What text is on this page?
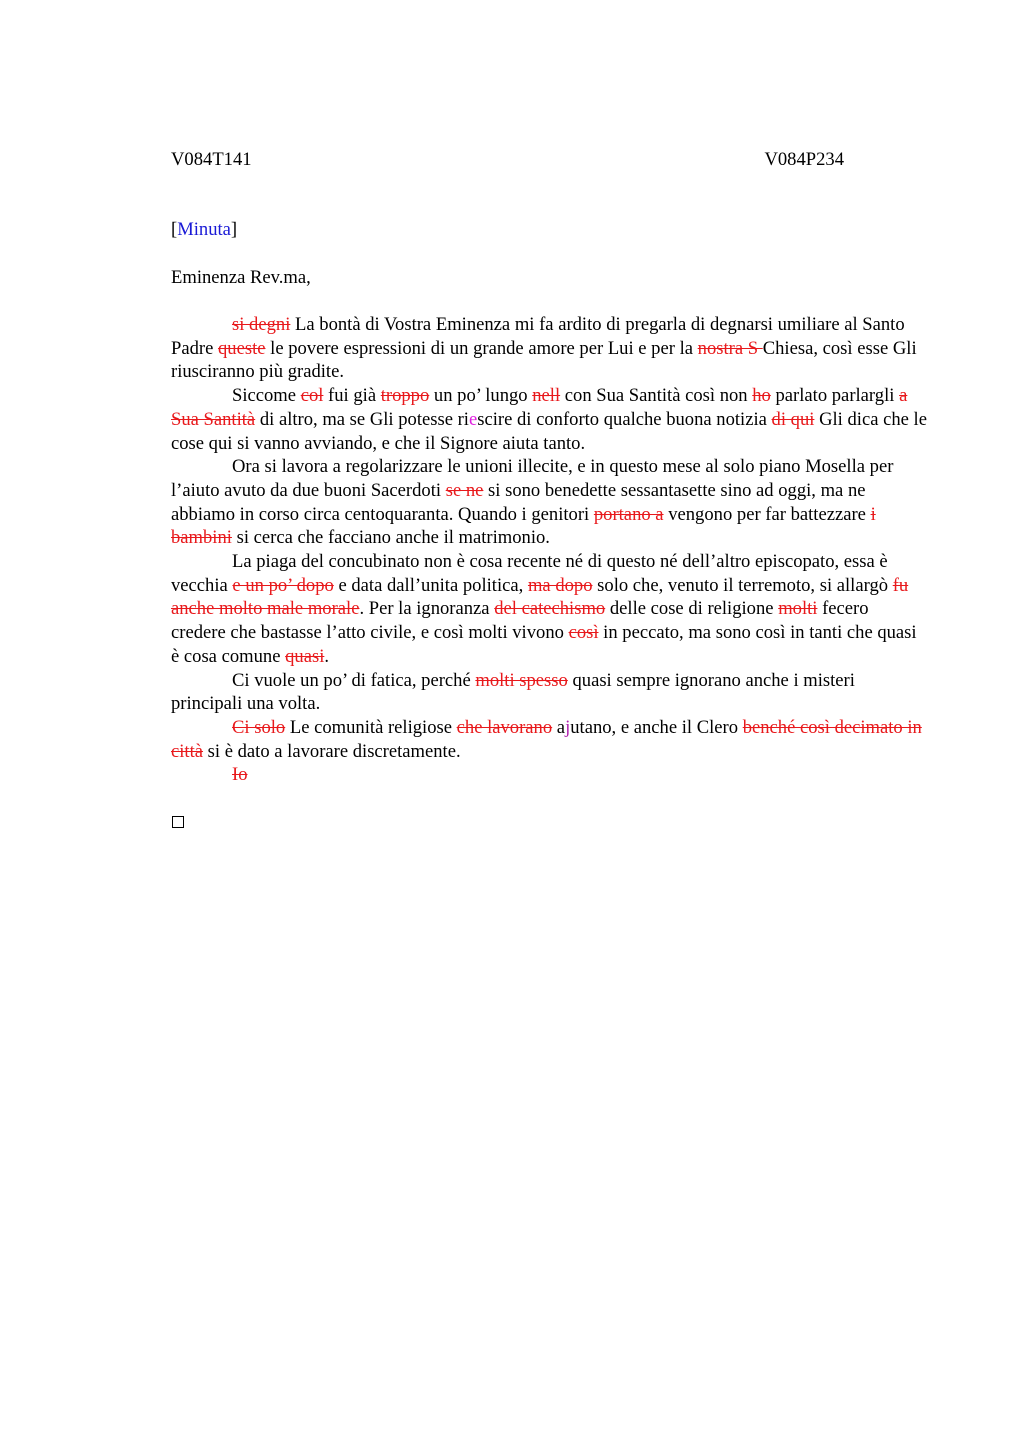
V084T141	V084P234
[Minuta]
Eminenza Rev.ma,

si degni La bontà di Vostra Eminenza mi fa ardito di pregarla di degnarsi umiliare al Santo Padre queste le povere espressioni di un grande amore per Lui e per la nostra S Chiesa, così esse Gli riusciranno più gradite.

Siccome col fui già troppo un po’ lungo nell con Sua Santità così non ho parlato parlargli a Sua Santità di altro, ma se Gli potesse riescire di conforto qualche buona notizia di qui Gli dica che le cose qui si vanno avviando, e che il Signore aiuta tanto.

Ora si lavora a regolarizzare le unioni illecite, e in questo mese al solo piano Mosella per l’aiuto avuto da due buoni Sacerdoti se ne si sono benedette sessantasette sino ad oggi, ma ne abbiamo in corso circa centoquaranta. Quando i genitori portano a vengono per far battezzare i bambini si cerca che facciano anche il matrimonio.

La piaga del concubinato non è cosa recente né di questo né dell’altro episcopato, essa è vecchia e un po’ dopo e data dall’unita politica, ma dopo solo che, venuto il terremoto, si allargò fu anche molto male morale. Per la ignoranza del catechismo delle cose di religione molti fecero credere che bastasse l’atto civile, e così molti vivono così in peccato, ma sono così in tanti che quasi è cosa comune quasi.

Ci vuole un po’ di fatica, perché molti spesso quasi sempre ignorano anche i misteri principali una volta.

Ci solo Le comunità religiose che lavorano ajutano, e anche il Clero benché così decimato in città si è dato a lavorare discretamente.

Io
